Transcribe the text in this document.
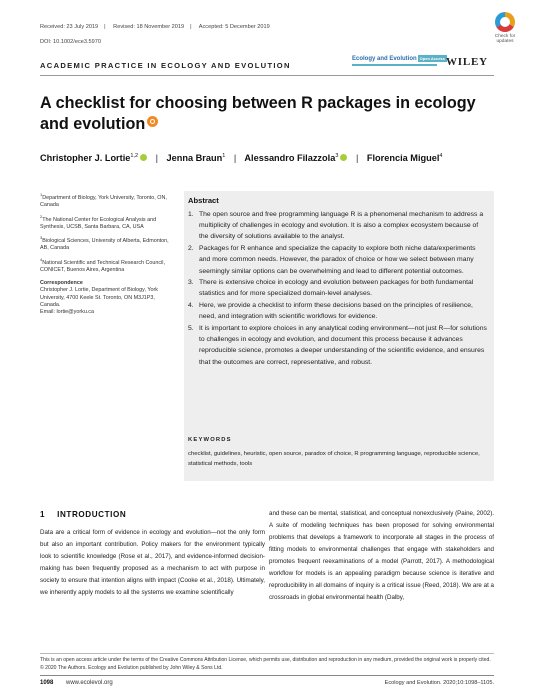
Received: 23 July 2019 | Revised: 18 November 2019 | Accepted: 5 December 2019
DOI: 10.1002/ece3.5970
Check for
updates
ACADEMIC PRACTICE IN ECOLOGY AND EVOLUTION
Ecology and Evolution Open Access WILEY
A checklist for choosing between R packages in ecology and evolution
Christopher J. Lortie$^{1,2}$ | Jenna Braun$^1$ | Alessandro Filazzola$^3$ | Florencia Miguel$^4$

$^1$Department of Biology, York University, Toronto, ON, Canada

$^2$The National Center for Ecological Analysis and Synthesis, UCSB, Santa Barbara, CA, USA

$^3$Biological Sciences, University of Alberta, Edmonton, AB, Canada

$^4$National Scientific and Technical Research Council, CONICET, Buenos Aires, Argentina

Correspondence

Christopher J. Lortie, Department of Biology, York University, 4700 Keele St. Toronto, ON M3J1P3, Canada.
Email: lortie@yorku.ca

Abstract
1. The open source and free programming language R is a phenomenal mechanism to address a multiplicity of challenges in ecology and evolution. It is also a complex ecosystem because of the diversity of solutions available to the analyst.
2. Packages for R enhance and specialize the capacity to explore both niche data/experiments and more common needs. However, the paradox of choice or how we select between many seemingly similar options can be overwhelming and lead to different potential outcomes.
3. There is extensive choice in ecology and evolution between packages for both fundamental statistics and for more specialized domain-level analyses.
4. Here, we provide a checklist to inform these decisions based on the principles of resilience, need, and integration with scientific workflows for evidence.
5. It is important to explore choices in any analytical coding environment—not just R—for solutions to challenges in ecology and evolution, and document this process because it advances reproducible science, promotes a deeper understanding of the scientific evidence, and ensures that the outcomes are correct, representative, and robust.
KEYWORDS
checklist, guidelines, heuristic, open source, paradox of choice, R programming language, reproducible science, statistical methods, tools
1 INTRODUCTION
Data are a critical form of evidence in ecology and evolution—not the only form but also an important contribution. Policy makers for the environment typically look to scientific knowledge (Rose et al., 2017), and evidence-informed decision-making has been frequently proposed as a mechanism to act with purpose in society to ensure that intention aligns with impact (Cooke et al., 2018). Ultimately, we inherently apply models to all the systems we examine scientifically
and these can be mental, statistical, and conceptual nonexclusively (Paine, 2002). A suite of modeling techniques has been proposed for solving environmental problems that develops a framework to incorporate all stages in the process of fitting models to environmental challenges that engage with stakeholders and promotes frequent reexaminations of a model (Parrott, 2017). A methodological workflow for models is an appealing paradigm because science is iterative and reproducibility in all domains of inquiry is a critical issue (Reed, 2018). We are at a crossroads in global environmental health (Dalby,
This is an open access article under the terms of the Creative Commons Attribution License, which permits use, distribution and reproduction in any medium, provided the original work is properly cited.
© 2020 The Authors. Ecology and Evolution published by John Wiley & Sons Ltd.
1098 www.ecolevol.org	Ecology and Evolution. 2020;10:1098–1105.
